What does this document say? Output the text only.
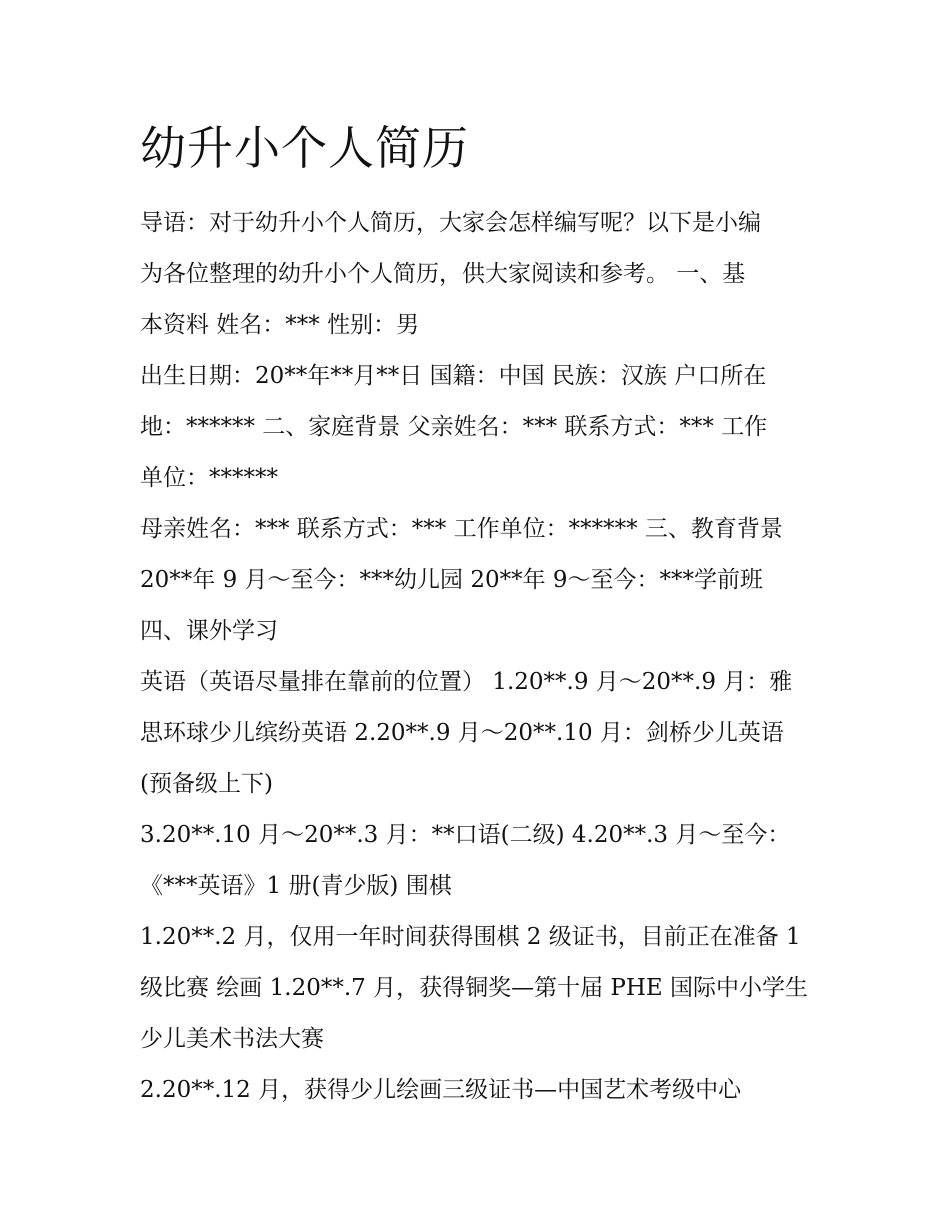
幼升小个人简历

导语：对于幼升小个人简历，大家会怎样编写呢？以下是小编

为各位整理的幼升小个人简历，供大家阅读和参考。 一、基

本资料 姓名：*** 性别：男

出生日期：20**年**月**日 国籍：中国 民族：汉族 户口所在

地：****** 二、家庭背景 父亲姓名：*** 联系方式：*** 工作

单位：******

母亲姓名：*** 联系方式：*** 工作单位：****** 三、教育背景

20**年 9 月～至今：***幼儿园 20**年 9～至今：***学前班

四、课外学习

英语（英语尽量排在靠前的位置） 1.20**.9 月～20**.9 月：雅

思环球少儿缤纷英语 2.20**.9 月～20**.10 月：剑桥少儿英语

(预备级上下)

3.20**.10 月～20**.3 月：**口语(二级) 4.20**.3 月～至今：

《***英语》1 册(青少版) 围棋

1.20**.2 月，仅用一年时间获得围棋 2 级证书，目前正在准备 1

级比赛 绘画 1.20**.7 月，获得铜奖—第十届 PHE 国际中小学生

少儿美术书法大赛

2.20**.12 月，获得少儿绘画三级证书—中国艺术考级中心
